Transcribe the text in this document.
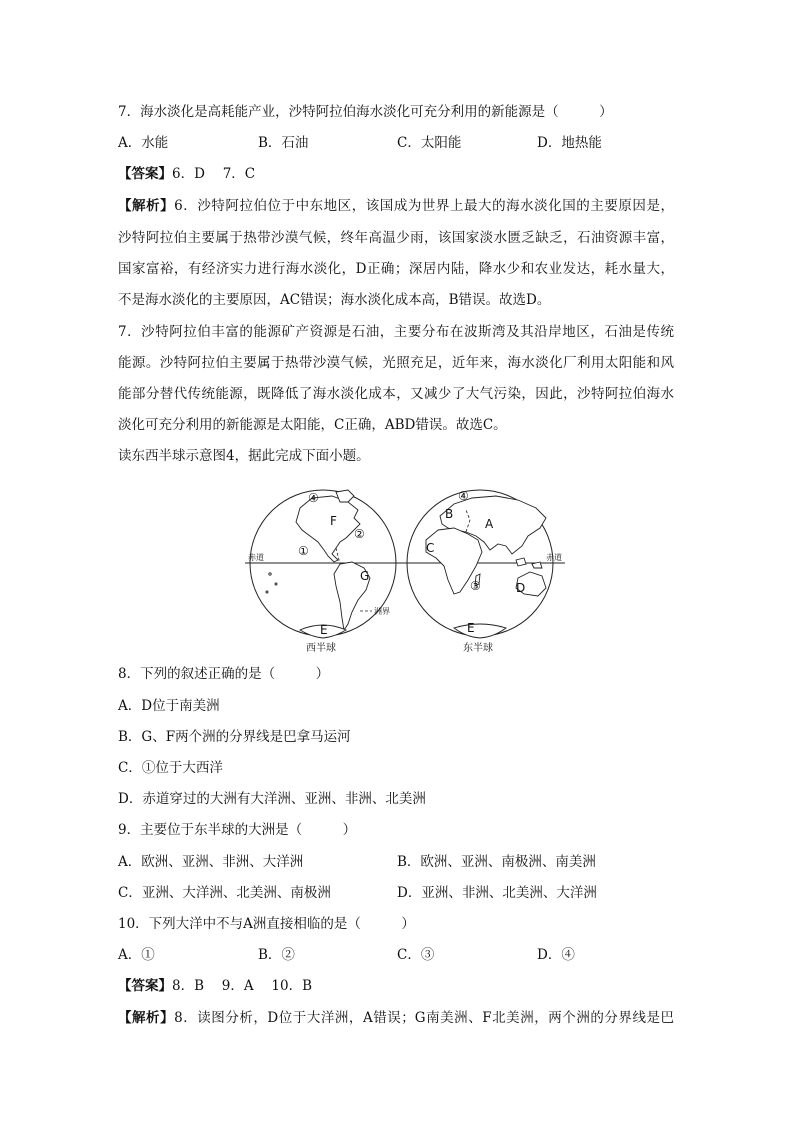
7．海水淡化是高耗能产业，沙特阿拉伯海水淡化可充分利用的新能源是（　　　）
A．水能	B．石油	C．太阳能	D．地热能
【答案】6．D　 7．C
【解析】6．沙特阿拉伯位于中东地区，该国成为世界上最大的海水淡化国的主要原因是，
沙特阿拉伯主要属于热带沙漠气候，终年高温少雨，该国家淡水匮乏缺乏，石油资源丰富，
国家富裕，有经济实力进行海水淡化，D正确；深居内陆，降水少和农业发达，耗水量大，
不是海水淡化的主要原因，AC错误；海水淡化成本高，B错误。故选D。
7．沙特阿拉伯丰富的能源矿产资源是石油，主要分布在波斯湾及其沿岸地区，石油是传统
能源。沙特阿拉伯主要属于热带沙漠气候，光照充足，近年来，海水淡化厂利用太阳能和风
能部分替代传统能源，既降低了海水淡化成本，又减少了大气污染，因此，沙特阿拉伯海水
淡化可充分利用的新能源是太阳能，C正确，ABD错误。故选C。
读东西半球示意图4，据此完成下面小题。
F
G
E
④
②
①
A
B
C
D
E
④
③
赤道	赤道
洲界
西半球	东半球
8．下列的叙述正确的是（　　　）
A．D位于南美洲
B．G、F两个洲的分界线是巴拿马运河
C．①位于大西洋
D．赤道穿过的大洲有大洋洲、亚洲、非洲、北美洲
9．主要位于东半球的大洲是（　　　）
A．欧洲、亚洲、非洲、大洋洲	B．欧洲、亚洲、南极洲、南美洲
C．亚洲、大洋洲、北美洲、南极洲	D．亚洲、非洲、北美洲、大洋洲
10．下列大洋中不与A洲直接相临的是（　　　）
A．①	B．②	C．③	D．④
【答案】8．B　 9．A　 10．B
【解析】8．读图分析，D位于大洋洲，A错误；G南美洲、F北美洲，两个洲的分界线是巴
